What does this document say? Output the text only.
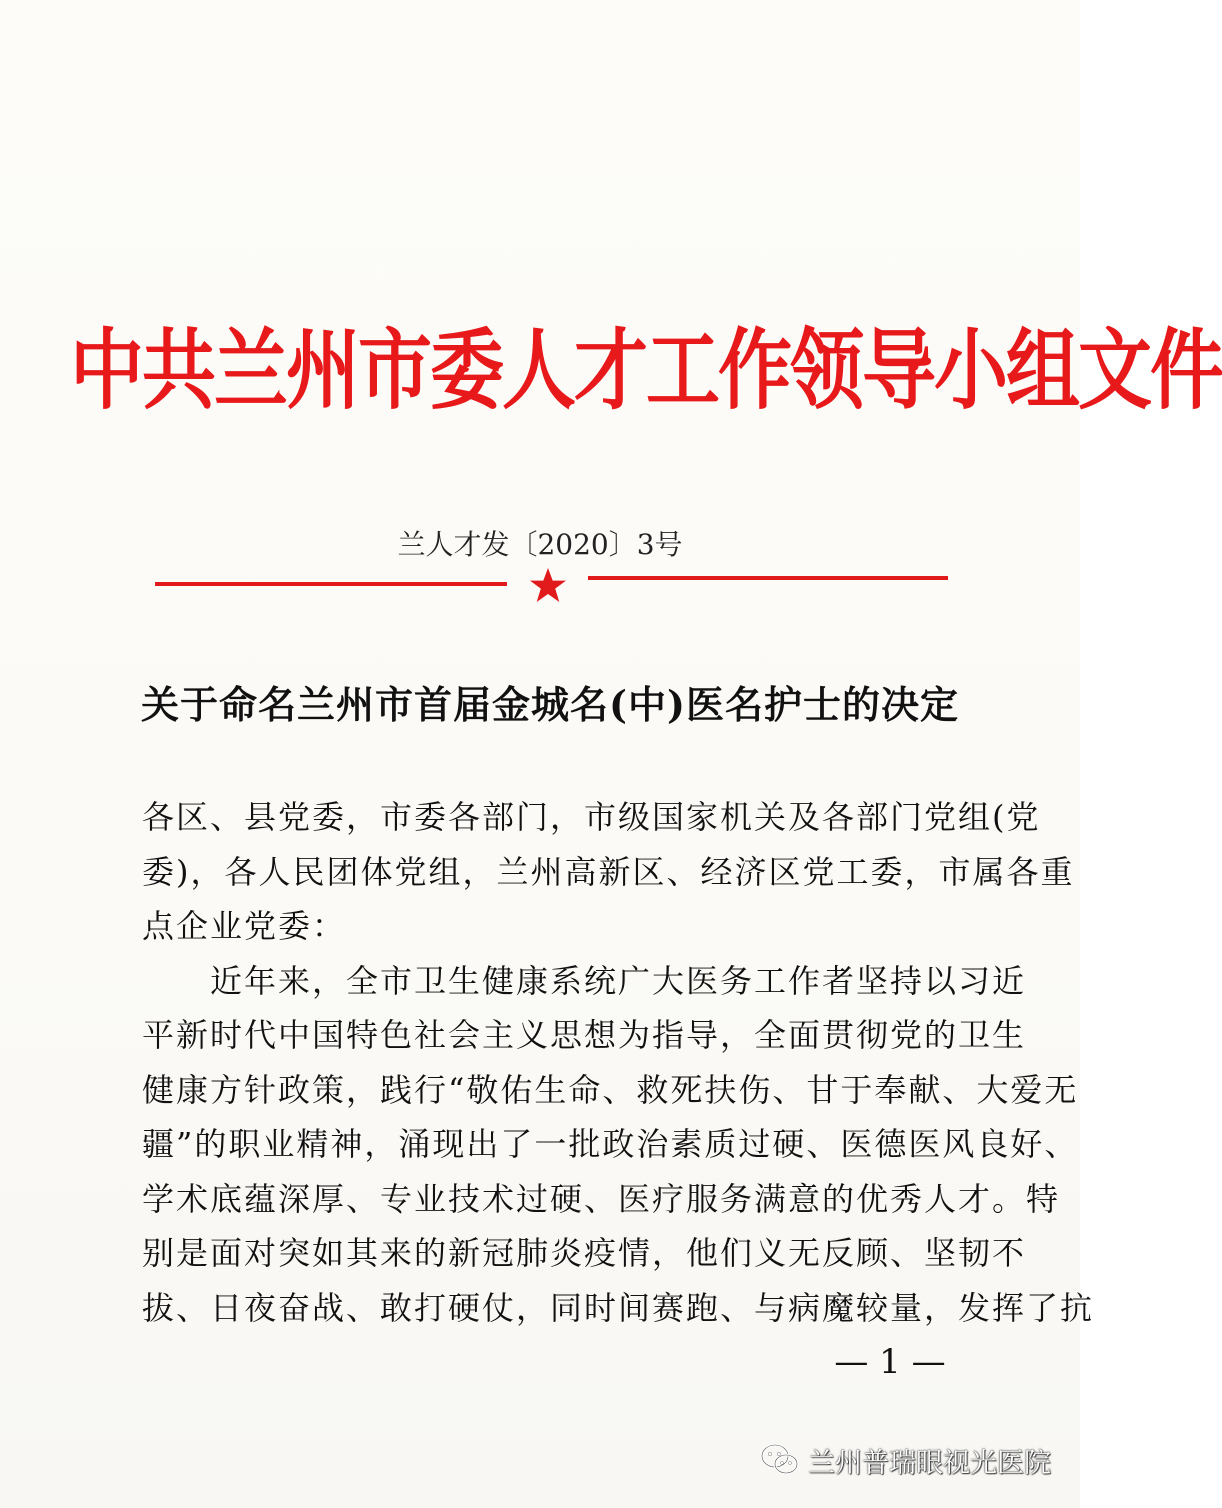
中共兰州市委人才工作领导小组文件
兰人才发〔2020〕3号
关于命名兰州市首届金城名(中)医名护士的决定
各区、县党委，市委各部门，市级国家机关及各部门党组(党
委)，各人民团体党组，兰州高新区、经济区党工委，市属各重
点企业党委：
　　近年来，全市卫生健康系统广大医务工作者坚持以习近
平新时代中国特色社会主义思想为指导，全面贯彻党的卫生
健康方针政策，践行“敬佑生命、救死扶伤、甘于奉献、大爱无
疆”的职业精神，涌现出了一批政治素质过硬、医德医风良好、
学术底蕴深厚、专业技术过硬、医疗服务满意的优秀人才。特
别是面对突如其来的新冠肺炎疫情，他们义无反顾、坚韧不
拔、日夜奋战、敢打硬仗，同时间赛跑、与病魔较量，发挥了抗
— 1 —
兰州普瑞眼视光医院
